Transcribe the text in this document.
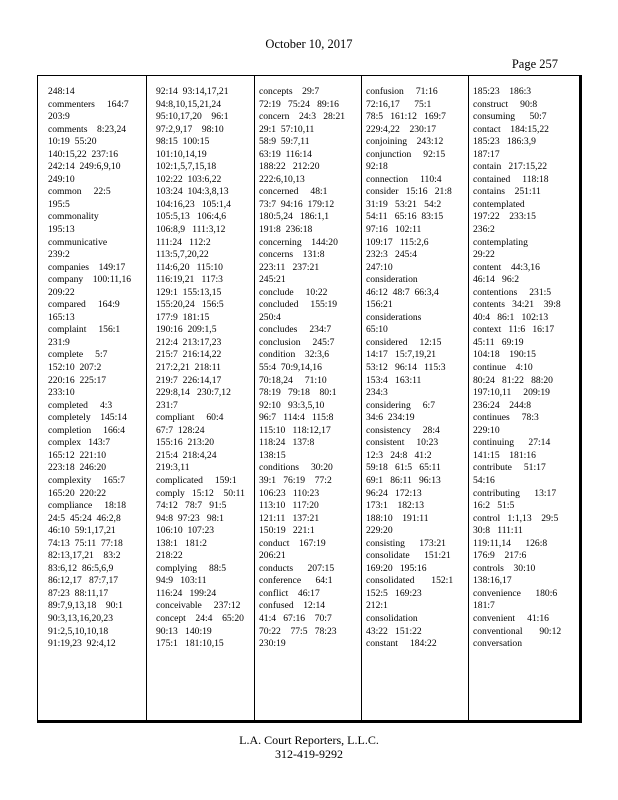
October 10, 2017
Page 257
248:14
commenters     164:7
203:9
comments    8:23,24
10:19  55:20
140:15,22  237:16
242:14  249:6,9,10
249:10
common     22:5
195:5
commonality
195:13
communicative
239:2
companies    149:17
company    100:11,16
209:22
compared     164:9
165:13
complaint     156:1
231:9
complete     5:7
152:10  207:2
220:16  225:17
233:10
completed     4:3
completely    145:14
completion     166:4
complex   143:7
165:12  221:10
223:18  246:20
complexity     165:7
165:20  220:22
compliance     18:18
24:5  45:24  46:2,8
46:10  59:1,17,21
74:13  75:11  77:18
82:13,17,21    83:2
83:6,12  86:5,6,9
86:12,17   87:7,17
87:23  88:11,17
89:7,9,13,18    90:1
90:3,13,16,20,23
91:2,5,10,10,18
91:19,23  92:4,12
92:14  93:14,17,21
94:8,10,15,21,24
95:10,17,20    96:1
97:2,9,17    98:10
98:15  100:15
101:10,14,19
102:1,5,7,15,18
102:22  103:6,22
103:24  104:3,8,13
104:16,23   105:1,4
105:5,13   106:4,6
106:8,9   111:3,12
111:24   112:2
113:5,7,20,22
114:6,20   115:10
116:19,21   117:3
129:1  155:13,15
155:20,24   156:5
177:9  181:15
190:16  209:1,5
212:4  213:17,23
215:7  216:14,22
217:2,21  218:11
219:7  226:14,17
229:8,14   230:7,12
231:7
compliant     60:4
67:7  128:24
155:16  213:20
215:4  218:4,24
219:3,11
complicated     159:1
comply   15:12    50:11
74:12   78:7   91:5
94:8  97:23   98:1
106:10  107:23
138:1   181:2
218:22
complying     88:5
94:9   103:11
116:24   199:24
conceivable     237:12
concept    24:4    65:20
90:13   140:19
175:1   181:10,15
concepts    29:7
72:19   75:24   89:16
concern    24:3   28:21
29:1  57:10,11
58:9  59:7,11
63:19  116:14
188:22   212:20
222:6,10,13
concerned     48:1
73:7  94:16  179:12
180:5,24   186:1,1
191:8  236:18
concerning    144:20
concerns    131:8
223:11   237:21
245:21
conclude     10:22
concluded     155:19
250:4
concludes     234:7
conclusion     245:7
condition    32:3,6
55:4  70:9,14,16
70:18,24     71:10
78:19   79:18    80:1
92:10   93:3,5,10
96:7   114:4   115:8
115:10   118:12,17
118:24   137:8
138:15
conditions     30:20
39:1   76:19    77:2
106:23   110:23
113:10   117:20
121:11   137:21
150:19   221:1
conduct    167:19
206:21
conducts      207:15
conference      64:1
conflict    46:17
confused    12:14
41:4   67:16    70:7
70:22    77:5   78:23
230:19
confusion     71:16
72:16,17      75:1
78:5   161:12   169:7
229:4,22    230:17
conjoining    243:12
conjunction     92:15
92:18
connection     110:4
consider   15:16   21:8
31:19   53:21   54:2
54:11   65:16  83:15
97:16   102:11
109:17   115:2,6
232:3   245:4
247:10
consideration
46:12  48:7  66:3,4
156:21
considerations
65:10
considered     12:15
14:17   15:7,19,21
53:12   96:14   115:3
153:4   163:11
234:3
considering     6:7
34:6  234:19
consistency     28:4
consistent     10:23
12:3   24:8   41:2
59:18   61:5   65:11
69:1   86:11   96:13
96:24   172:13
173:1    182:13
188:10    191:11
229:20
consisting      173:21
consolidate      151:21
169:20   195:16
consolidated       152:1
152:5   169:23
212:1
consolidation
43:22   151:22
constant     184:22
185:23    186:3
construct     90:8
consuming      50:7
contact    184:15,22
185:23   186:3,9
187:17
contain   217:15,22
contained     118:18
contains    251:11
contemplated
197:22    233:15
236:2
contemplating
29:22
content    44:3,16
46:14   96:2
contentions     231:5
contents   34:21    39:8
40:4   86:1   102:13
context   11:6   16:17
45:11   69:19
104:18    190:15
continue    4:10
80:24   81:22   88:20
197:10,11     209:19
236:24    244:8
continues     78:3
229:10
continuing      27:14
141:15    181:16
contribute     51:17
54:16
contributing      13:17
16:2   51:5
control   1:1,13    29:5
30:8   111:11
119:11,14      126:8
176:9    217:6
controls    30:10
138:16,17
convenience      180:6
181:7
convenient     41:16
conventional       90:12
conversation
L.A. Court Reporters, L.L.C.
312-419-9292
